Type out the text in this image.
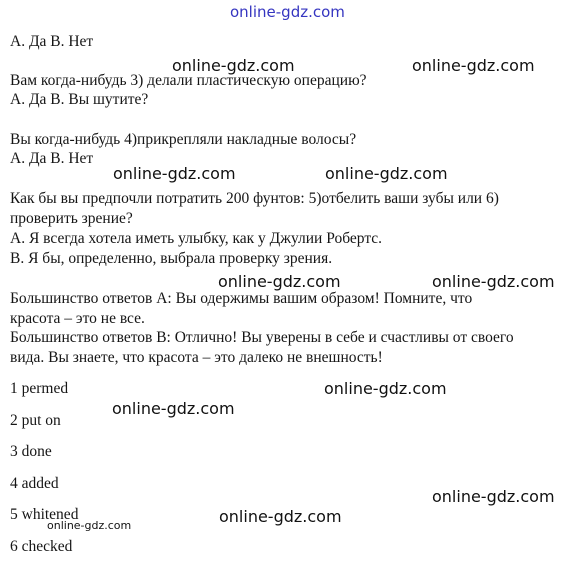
А. Да В. Нет

Вам когда-нибудь 3) делали пластическую операцию?

А. Да В. Вы шутите?

Вы когда-нибудь 4)прикрепляли накладные волосы?

А. Да В. Нет

Как бы вы предпочли потратить 200 фунтов: 5)отбелить ваши зубы или 6)

проверить зрение?

А. Я всегда хотела иметь улыбку, как у Джулии Робертс.

В. Я бы, определенно, выбрала проверку зрения.

Большинство ответов А: Вы одержимы вашим образом! Помните, что

красота – это не все.

Большинство ответов В: Отлично! Вы уверены в себе и счастливы от своего

вида. Вы знаете, что красота – это далеко не внешность!

1 permed

2 put on

3 done

4 added

5 whitened

6 checked

online-gdz.com
online-gdz.com	online-gdz.com
online-gdz.com	online-gdz.com
online-gdz.com	online-gdz.com
online-gdz.com
online-gdz.com
online-gdz.com
online-gdz.com
online-gdz.com
